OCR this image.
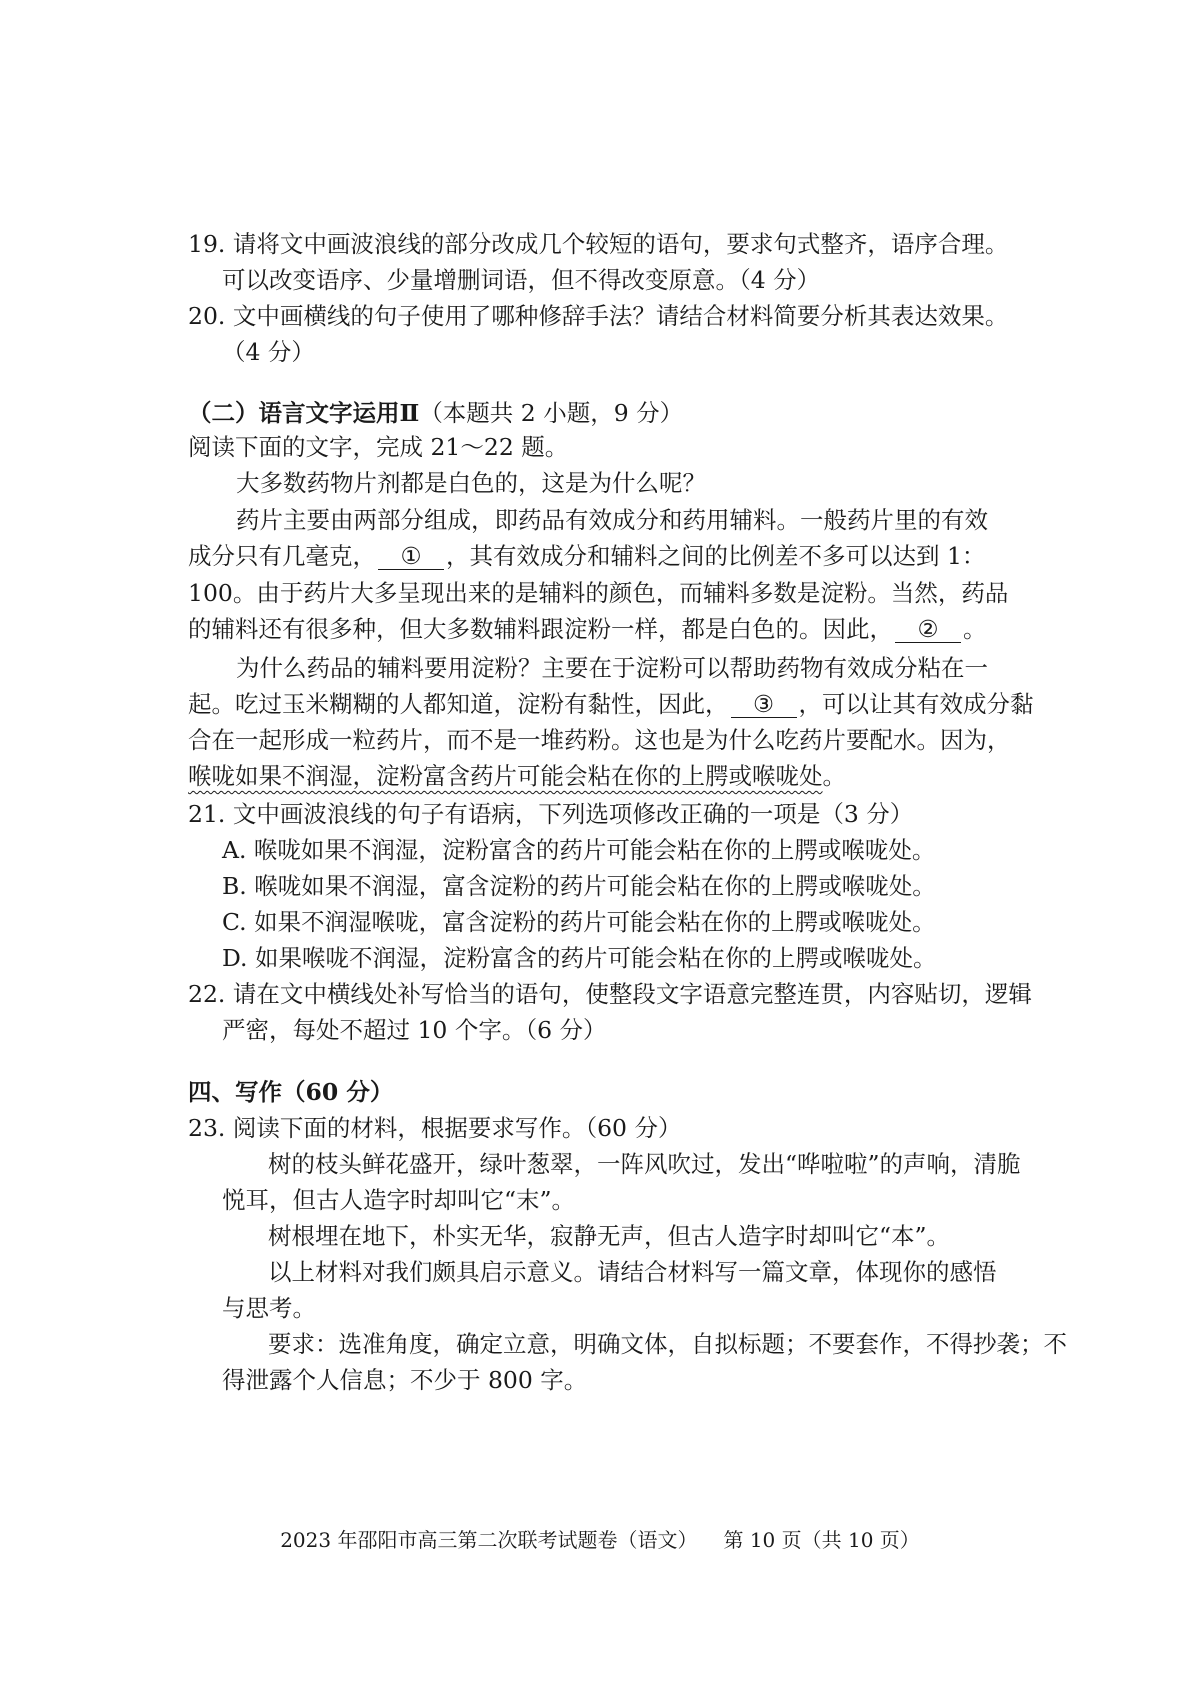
19. 请将文中画波浪线的部分改成几个较短的语句，要求句式整齐，语序合理。
可以改变语序、少量增删词语，但不得改变原意。（4 分）
20. 文中画横线的句子使用了哪种修辞手法？请结合材料简要分析其表达效果。
（4 分）
（二）语言文字运用Ⅱ（本题共 2 小题，9 分）
阅读下面的文字，完成 21～22 题。
大多数药物片剂都是白色的，这是为什么呢？
药片主要由两部分组成，即药品有效成分和药用辅料。一般药片里的有效
成分只有几毫克， ① ，其有效成分和辅料之间的比例差不多可以达到 1：
100。由于药片大多呈现出来的是辅料的颜色，而辅料多数是淀粉。当然，药品
的辅料还有很多种，但大多数辅料跟淀粉一样，都是白色的。因此， ② 。
为什么药品的辅料要用淀粉？主要在于淀粉可以帮助药物有效成分粘在一
起。吃过玉米糊糊的人都知道，淀粉有黏性，因此， ③ ，可以让其有效成分黏
合在一起形成一粒药片，而不是一堆药粉。这也是为什么吃药片要配水。因为，
喉咙如果不润湿，淀粉富含药片可能会粘在你的上腭或喉咙处。
21. 文中画波浪线的句子有语病，下列选项修改正确的一项是（3 分）
A. 喉咙如果不润湿，淀粉富含的药片可能会粘在你的上腭或喉咙处。
B. 喉咙如果不润湿，富含淀粉的药片可能会粘在你的上腭或喉咙处。
C. 如果不润湿喉咙，富含淀粉的药片可能会粘在你的上腭或喉咙处。
D. 如果喉咙不润湿，淀粉富含的药片可能会粘在你的上腭或喉咙处。
22. 请在文中横线处补写恰当的语句，使整段文字语意完整连贯，内容贴切，逻辑
严密，每处不超过 10 个字。（6 分）
四、写作（60 分）
23. 阅读下面的材料，根据要求写作。（60 分）
树的枝头鲜花盛开，绿叶葱翠，一阵风吹过，发出“哗啦啦”的声响，清脆
悦耳，但古人造字时却叫它“末”。
树根埋在地下，朴实无华，寂静无声，但古人造字时却叫它“本”。
以上材料对我们颇具启示意义。请结合材料写一篇文章，体现你的感悟
与思考。
要求：选准角度，确定立意，明确文体，自拟标题；不要套作，不得抄袭；不
得泄露个人信息；不少于 800 字。
2023 年邵阳市高三第二次联考试题卷（语文） 第 10 页（共 10 页）
